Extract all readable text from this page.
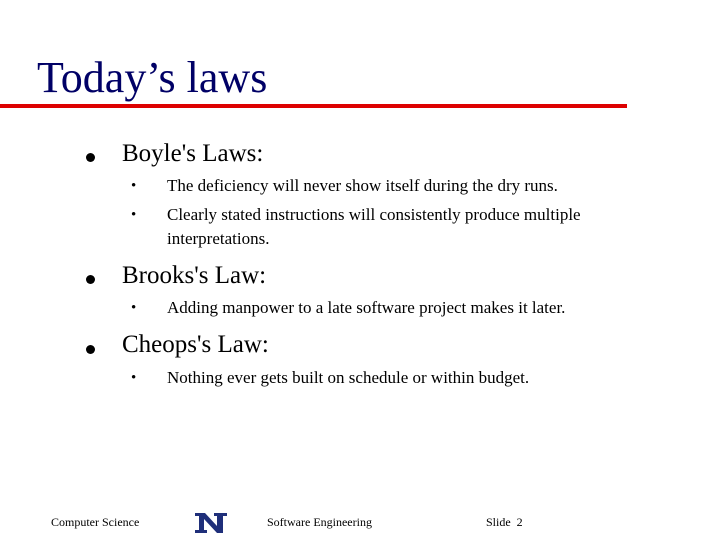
Today’s laws
Boyle's Laws:
• The deficiency will never show itself during the dry runs.
• Clearly stated instructions will consistently produce multiple interpretations.
Brooks's Law:
• Adding manpower to a late software project makes it later.
Cheops's Law:
• Nothing ever gets built on schedule or within budget.
Computer Science	Software Engineering	Slide  2
